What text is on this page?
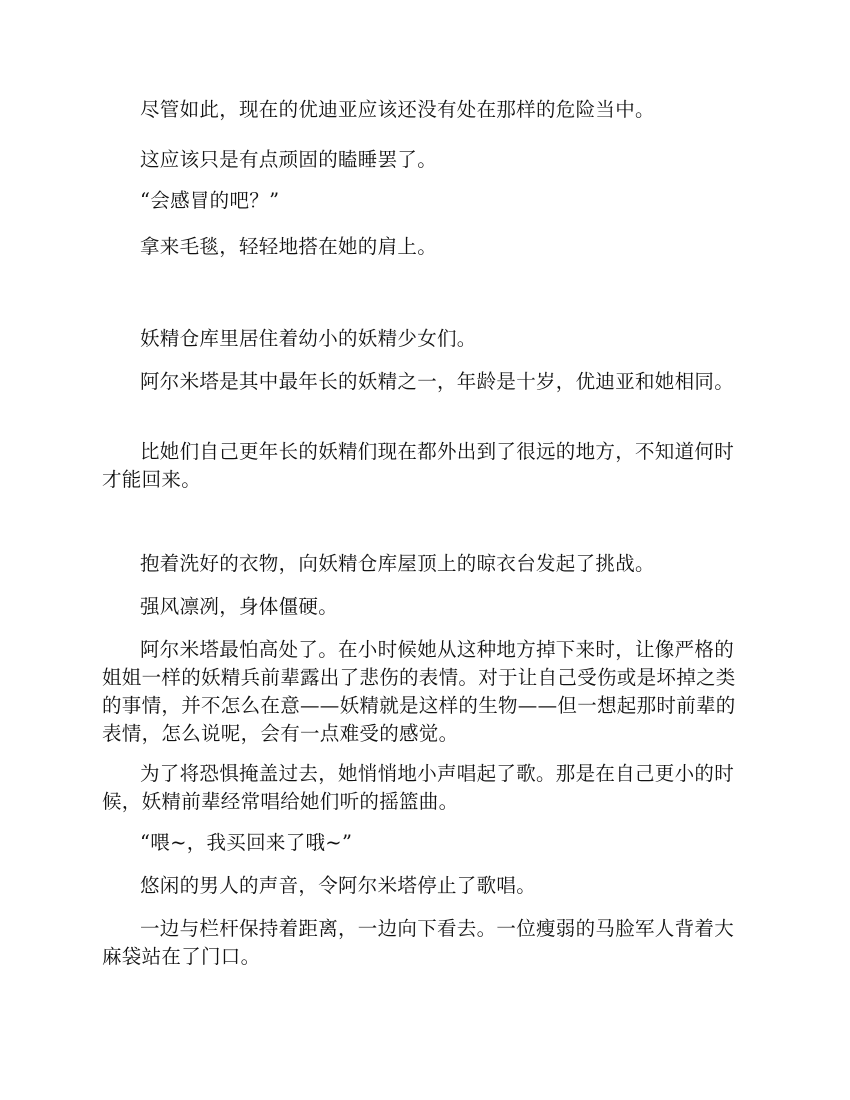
尽管如此，现在的优迪亚应该还没有处在那样的危险当中。

这应该只是有点顽固的瞌睡罢了。

“会感冒的吧？”

拿来毛毯，轻轻地搭在她的肩上。

妖精仓库里居住着幼小的妖精少女们。

阿尔米塔是其中最年长的妖精之一，年龄是十岁，优迪亚和她相同。

比她们自己更年长的妖精们现在都外出到了很远的地方，不知道何时才能回来。

抱着洗好的衣物，向妖精仓库屋顶上的晾衣台发起了挑战。

强风凛冽，身体僵硬。

阿尔米塔最怕高处了。在小时候她从这种地方掉下来时，让像严格的姐姐一样的妖精兵前辈露出了悲伤的表情。对于让自己受伤或是坏掉之类的事情，并不怎么在意——妖精就是这样的生物——但一想起那时前辈的表情，怎么说呢，会有一点难受的感觉。

为了将恐惧掩盖过去，她悄悄地小声唱起了歌。那是在自己更小的时候，妖精前辈经常唱给她们听的摇篮曲。

“喂~，我买回来了哦~”

悠闲的男人的声音，令阿尔米塔停止了歌唱。

一边与栏杆保持着距离，一边向下看去。一位瘦弱的马脸军人背着大麻袋站在了门口。
